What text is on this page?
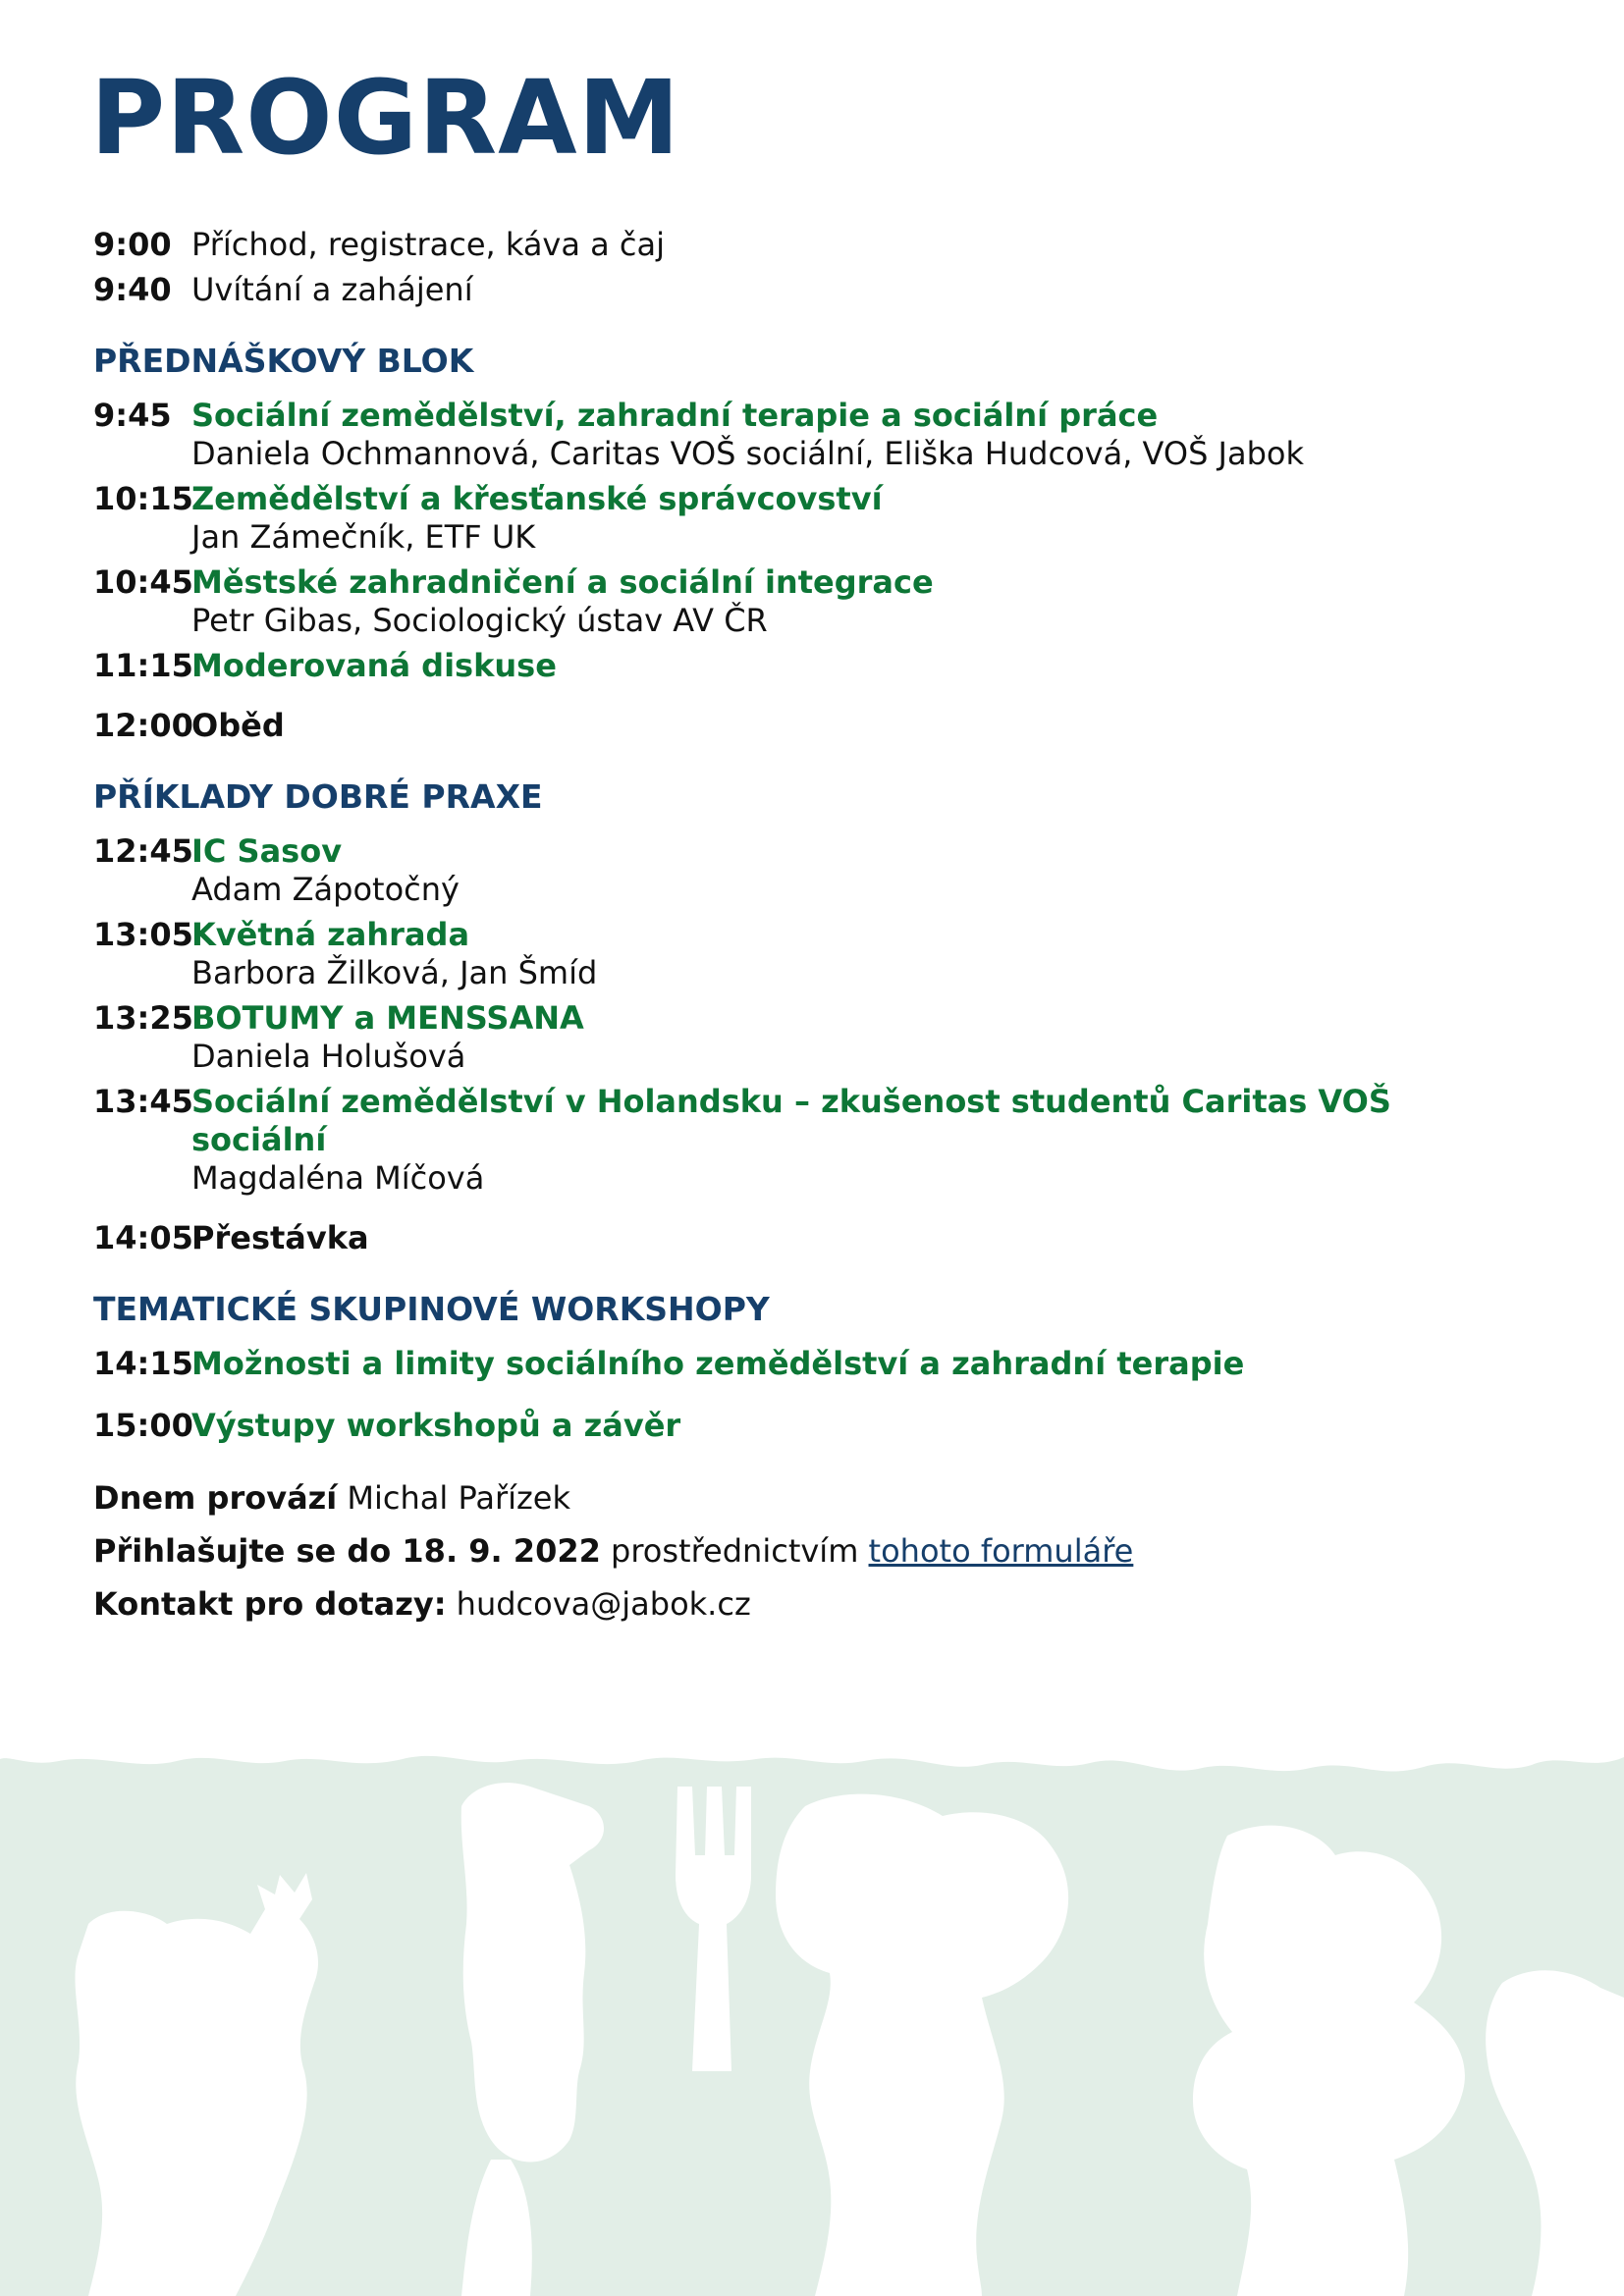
PROGRAM
9:00 Příchod, registrace, káva a čaj
9:40 Uvítání a zahájení
PŘEDNÁŠKOVÝ BLOK
9:45 Sociální zemědělství, zahradní terapie a sociální práce
Daniela Ochmannová, Caritas VOŠ sociální, Eliška Hudcová, VOŠ Jabok
10:15
Zemědělství a křesťanské správcovství
Jan Zámečník, ETF UK
10:45
Městské zahradničení a sociální integrace
Petr Gibas, Sociologický ústav AV ČR
11:15
Moderovaná diskuse
12:00
Oběd
PŘÍKLADY DOBRÉ PRAXE
12:45
IC Sasov
Adam Zápotočný
13:05
Květná zahrada
Barbora Žilková, Jan Šmíd
13:25
BOTUMY a MENSSANA
Daniela Holušová
13:45
Sociální zemědělství v Holandsku – zkušenost studentů Caritas VOŠ sociální
Magdaléna Míčová
14:05
Přestávka
TEMATICKÉ SKUPINOVÉ WORKSHOPY
14:15
Možnosti a limity sociálního zemědělství a zahradní terapie
15:00
Výstupy workshopů a závěr
Dnem provází Michal Pařízek
Přihlašujte se do 18. 9. 2022 prostřednictvím tohoto formuláře
Kontakt pro dotazy: hudcova@jabok.cz
